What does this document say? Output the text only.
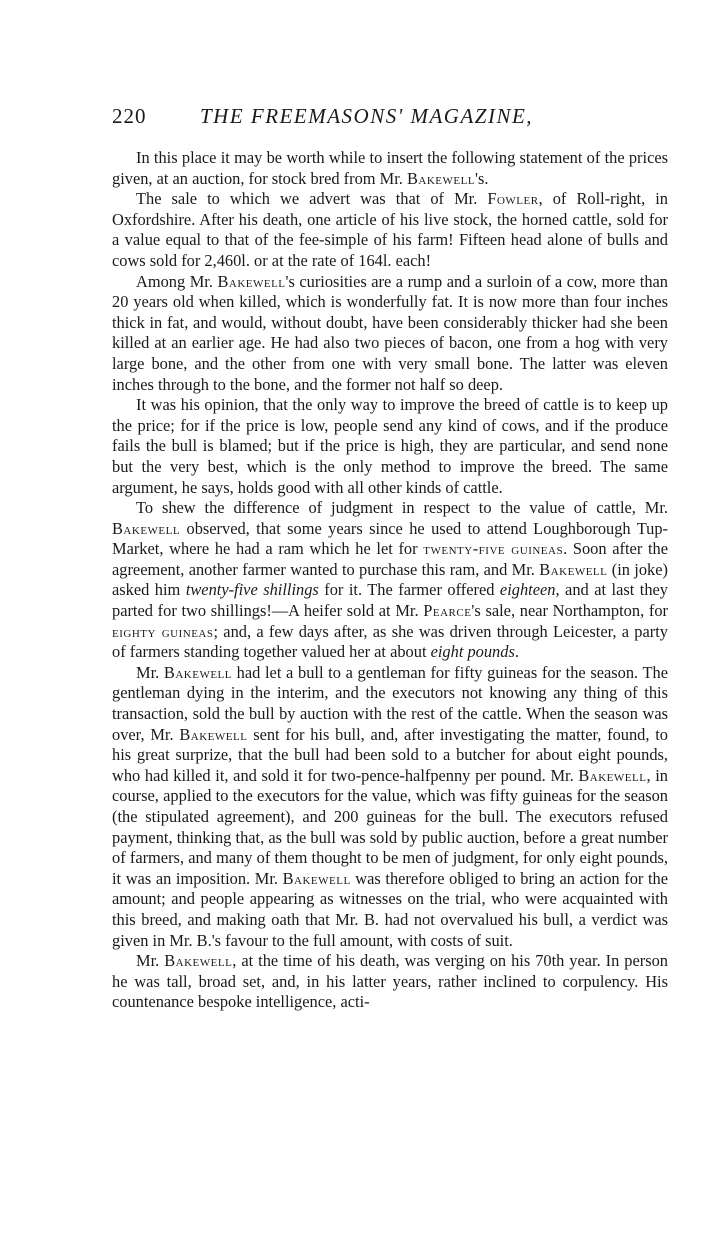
220	THE FREEMASONS' MAGAZINE,

In this place it may be worth while to insert the following statement of the prices given, at an auction, for stock bred from Mr. Bakewell's.

The sale to which we advert was that of Mr. Fowler, of Roll-right, in Oxfordshire. After his death, one article of his live stock, the horned cattle, sold for a value equal to that of the fee-simple of his farm! Fifteen head alone of bulls and cows sold for 2,460l. or at the rate of 164l. each!

Among Mr. Bakewell's curiosities are a rump and a surloin of a cow, more than 20 years old when killed, which is wonderfully fat. It is now more than four inches thick in fat, and would, without doubt, have been considerably thicker had she been killed at an earlier age. He had also two pieces of bacon, one from a hog with very large bone, and the other from one with very small bone. The latter was eleven inches through to the bone, and the former not half so deep.

It was his opinion, that the only way to improve the breed of cattle is to keep up the price; for if the price is low, people send any kind of cows, and if the produce fails the bull is blamed; but if the price is high, they are particular, and send none but the very best, which is the only method to improve the breed. The same argument, he says, holds good with all other kinds of cattle.

To shew the difference of judgment in respect to the value of cattle, Mr. Bakewell observed, that some years since he used to attend Loughborough Tup-Market, where he had a ram which he let for twenty-five guineas. Soon after the agreement, another farmer wanted to purchase this ram, and Mr. Bakewell (in joke) asked him twenty-five shillings for it. The farmer offered eighteen, and at last they parted for two shillings!—A heifer sold at Mr. Pearce's sale, near Northampton, for eighty guineas; and, a few days after, as she was driven through Leicester, a party of farmers standing together valued her at about eight pounds.

Mr. Bakewell had let a bull to a gentleman for fifty guineas for the season. The gentleman dying in the interim, and the executors not knowing any thing of this transaction, sold the bull by auction with the rest of the cattle. When the season was over, Mr. Bakewell sent for his bull, and, after investigating the matter, found, to his great surprize, that the bull had been sold to a butcher for about eight pounds, who had killed it, and sold it for two-pence-halfpenny per pound. Mr. Bakewell, in course, applied to the executors for the value, which was fifty guineas for the season (the stipulated agreement), and 200 guineas for the bull. The executors refused payment, thinking that, as the bull was sold by public auction, before a great number of farmers, and many of them thought to be men of judgment, for only eight pounds, it was an imposition. Mr. Bakewell was therefore obliged to bring an action for the amount; and people appearing as witnesses on the trial, who were acquainted with this breed, and making oath that Mr. B. had not overvalued his bull, a verdict was given in Mr. B.'s favour to the full amount, with costs of suit.

Mr. Bakewell, at the time of his death, was verging on his 70th year. In person he was tall, broad set, and, in his latter years, rather inclined to corpulency. His countenance bespoke intelligence, acti-
